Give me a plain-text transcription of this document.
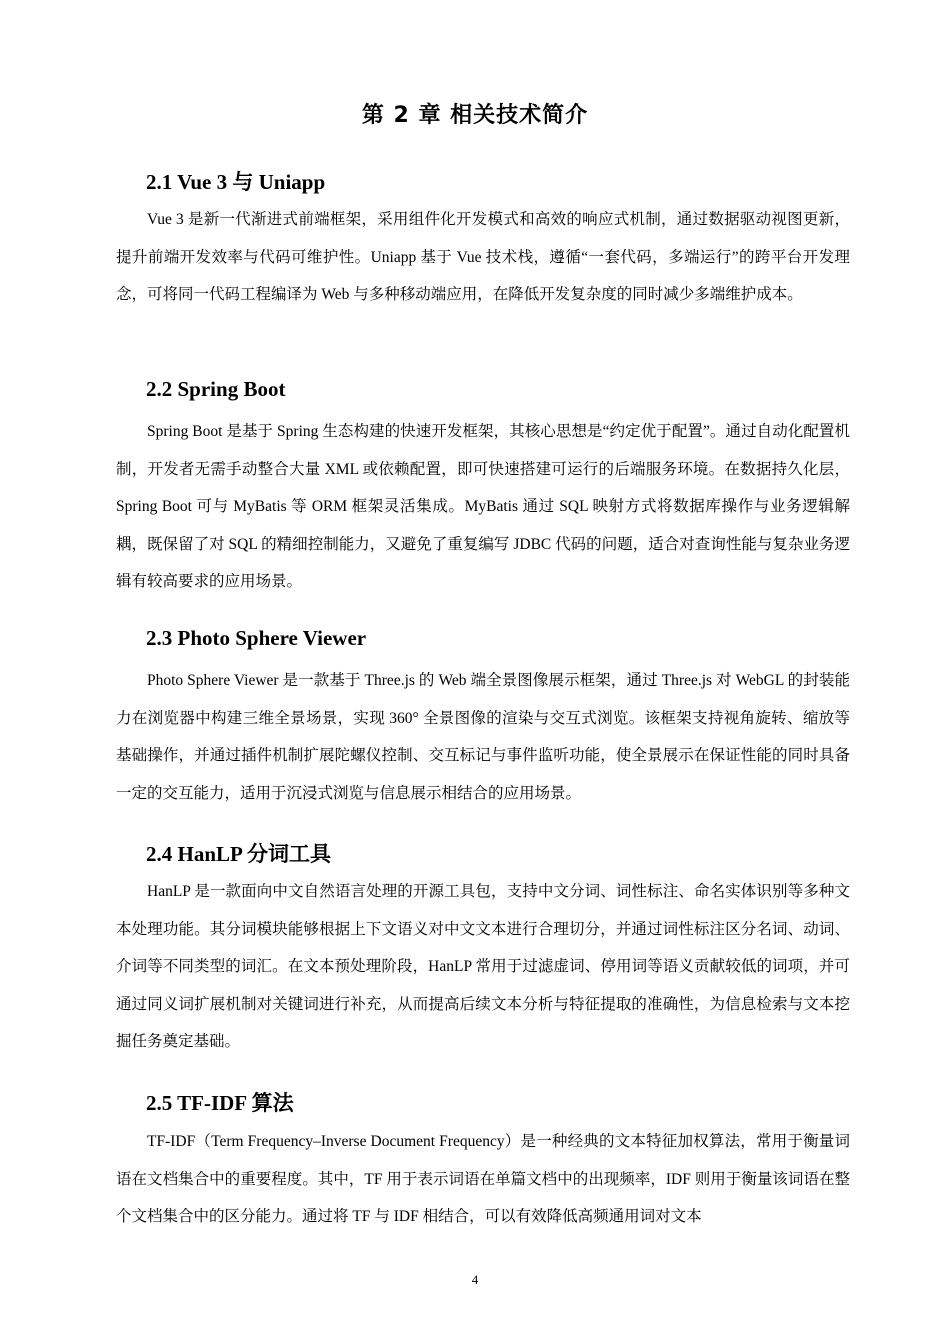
第 2 章 相关技术简介
2.1 Vue 3 与 Uniapp

Vue 3 是新一代渐进式前端框架，采用组件化开发模式和高效的响应式机制，通过数据驱动视图更新，提升前端开发效率与代码可维护性。Uniapp 基于 Vue 技术栈，遵循“一套代码，多端运行”的跨平台开发理念，可将同一代码工程编译为 Web 与多种移动端应用，在降低开发复杂度的同时减少多端维护成本。

2.2 Spring Boot

Spring Boot 是基于 Spring 生态构建的快速开发框架，其核心思想是“约定优于配置”。通过自动化配置机制，开发者无需手动整合大量 XML 或依赖配置，即可快速搭建可运行的后端服务环境。在数据持久化层，Spring Boot 可与 MyBatis 等 ORM 框架灵活集成。MyBatis 通过 SQL 映射方式将数据库操作与业务逻辑解耦，既保留了对 SQL 的精细控制能力，又避免了重复编写 JDBC 代码的问题，适合对查询性能与复杂业务逻辑有较高要求的应用场景。

2.3 Photo Sphere Viewer

Photo Sphere Viewer 是一款基于 Three.js 的 Web 端全景图像展示框架，通过 Three.js 对 WebGL 的封装能力在浏览器中构建三维全景场景，实现 360° 全景图像的渲染与交互式浏览。该框架支持视角旋转、缩放等基础操作，并通过插件机制扩展陀螺仪控制、交互标记与事件监听功能，使全景展示在保证性能的同时具备一定的交互能力，适用于沉浸式浏览与信息展示相结合的应用场景。

2.4 HanLP 分词工具

HanLP 是一款面向中文自然语言处理的开源工具包，支持中文分词、词性标注、命名实体识别等多种文本处理功能。其分词模块能够根据上下文语义对中文文本进行合理切分，并通过词性标注区分名词、动词、介词等不同类型的词汇。在文本预处理阶段，HanLP 常用于过滤虚词、停用词等语义贡献较低的词项，并可通过同义词扩展机制对关键词进行补充，从而提高后续文本分析与特征提取的准确性，为信息检索与文本挖掘任务奠定基础。

2.5 TF-IDF 算法

TF-IDF（Term Frequency–Inverse Document Frequency）是一种经典的文本特征加权算法，常用于衡量词语在文档集合中的重要程度。其中，TF 用于表示词语在单篇文档中的出现频率，IDF 则用于衡量该词语在整个文档集合中的区分能力。通过将 TF 与 IDF 相结合，可以有效降低高频通用词对文本

4
